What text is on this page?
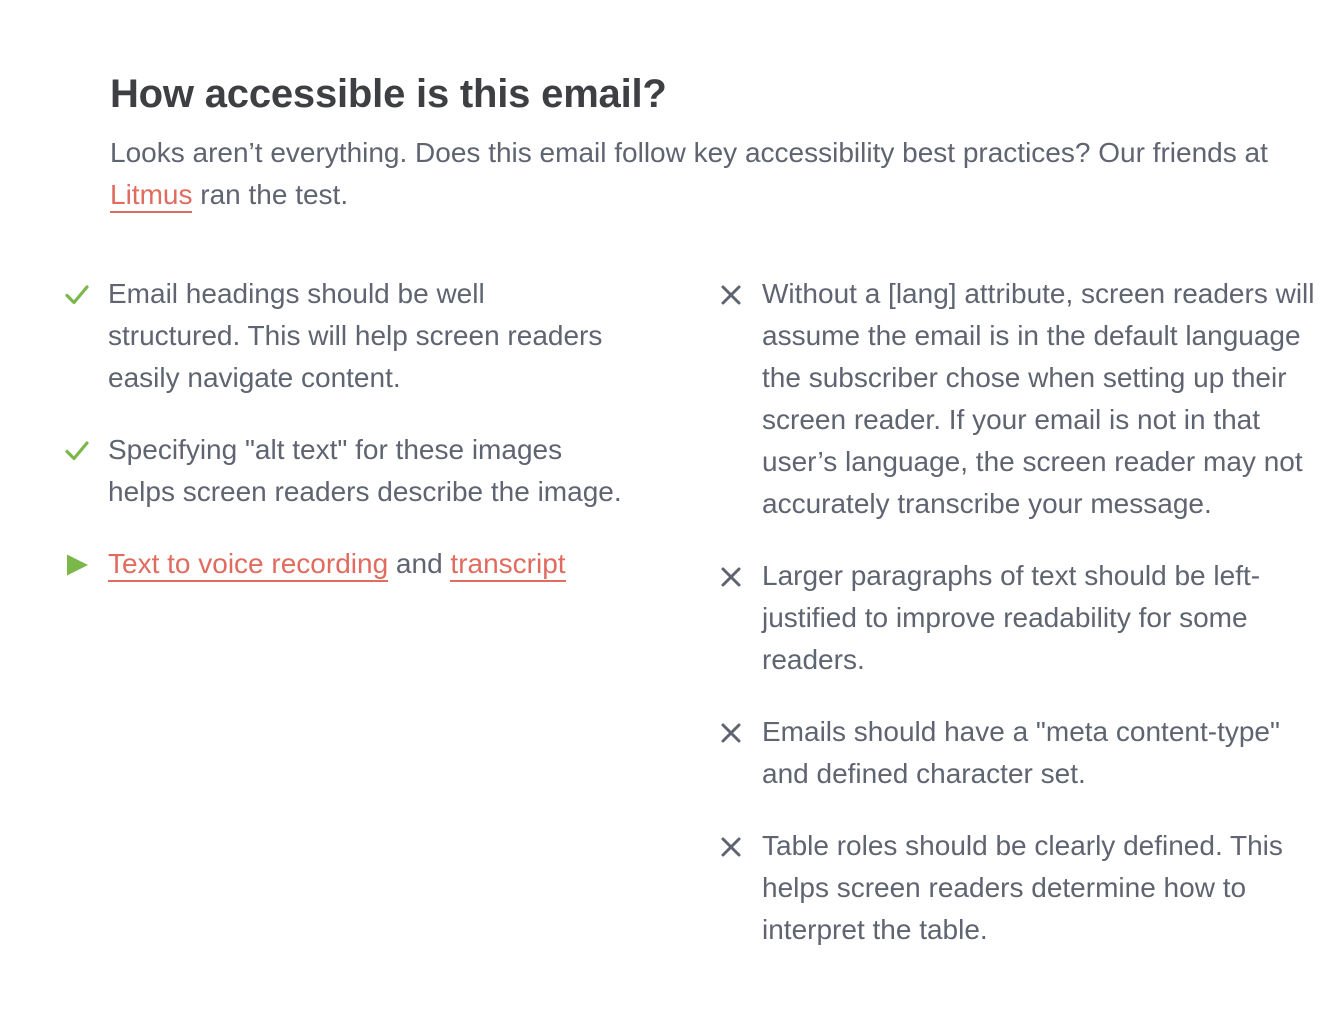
How accessible is this email?

Looks aren’t everything. Does this email follow key accessibility best practices? Our friends at Litmus ran the test.

Email headings should be well structured. This will help screen readers easily navigate content.
Specifying "alt text" for these images helps screen readers describe the image.
Text to voice recording and transcript
Without a [lang] attribute, screen readers will assume the email is in the default language the subscriber chose when setting up their screen reader. If your email is not in that user’s language, the screen reader may not accurately transcribe your message.
Larger paragraphs of text should be left-justified to improve readability for some readers.
Emails should have a "meta content-type" and defined character set.
Table roles should be clearly defined. This helps screen readers determine how to interpret the table.
